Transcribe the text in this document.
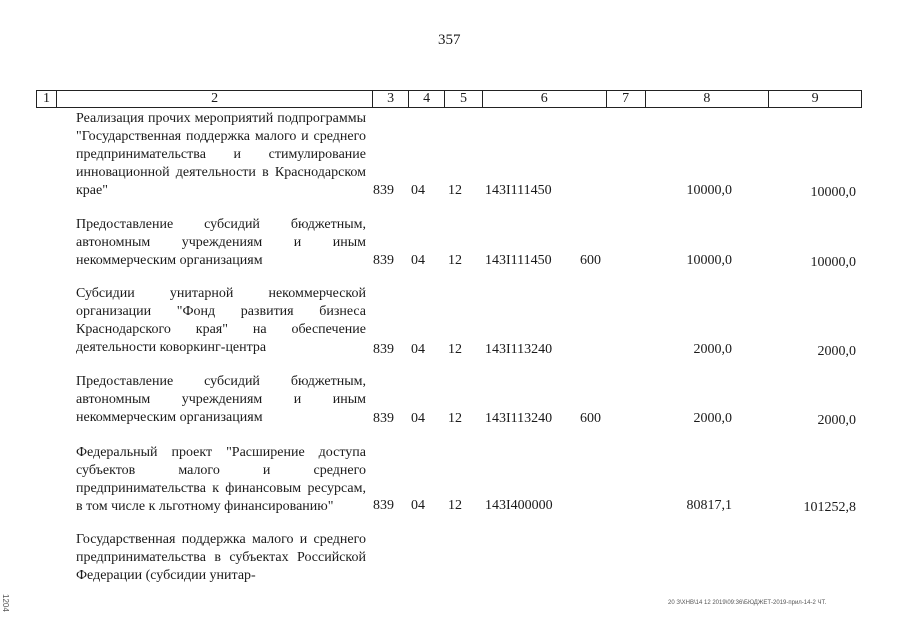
357
1	2	3	4	5	6	7	8	9
Реализация прочих мероприятий подпрограммы "Государственная поддержка малого и среднего предпринимательства и стимулирование инновационной деятельности в Краснодарском крае"	839 04 12 143I111450	10000,0	10000,0
Предоставление субсидий бюджетным, автономным учреждениям и иным некоммерческим организациям	839 04 12 143I111450 600	10000,0	10000,0
Субсидии унитарной некоммерческой организации "Фонд развития бизнеса Краснодарского края" на обеспечение деятельности коворкинг-центра	839 04 12 143I113240	2000,0	2000,0
Предоставление субсидий бюджетным, автономным учреждениям и иным некоммерческим организациям	839 04 12 143I113240 600	2000,0	2000,0
Федеральный проект "Расширение доступа субъектов малого и среднего предпринимательства к финансовым ресурсам, в том числе к льготному финансированию"	839 04 12 143I400000	80817,1	101252,8
Государственная поддержка малого и среднего предпринимательства в субъектах Российской Федерации (субсидии унитар-
20 З\ХНВ\14 12 2019\09:36\БЮДЖЕТ-2019-прил-14-2 ЧТ.
1204
